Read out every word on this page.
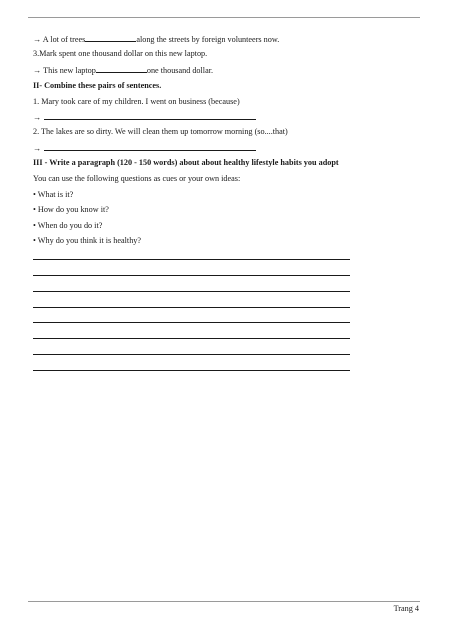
→ A lot of trees	along the streets by foreign volunteers now.
3.Mark spent one thousand dollar on this new laptop.
→ This new laptop	one thousand dollar.
II- Combine these pairs of sentences.
1. Mary took care of my children. I went on business (because)
→
2. The lakes are so dirty. We will clean them up tomorrow morning (so....that)
→
III - Write a paragraph (120 - 150 words) about about healthy lifestyle habits you adopt
You can use the following questions as cues or your own ideas:
• What is it?
• How do you know it?
• When do you do it?
• Why do you think it is healthy?
Trang 4
